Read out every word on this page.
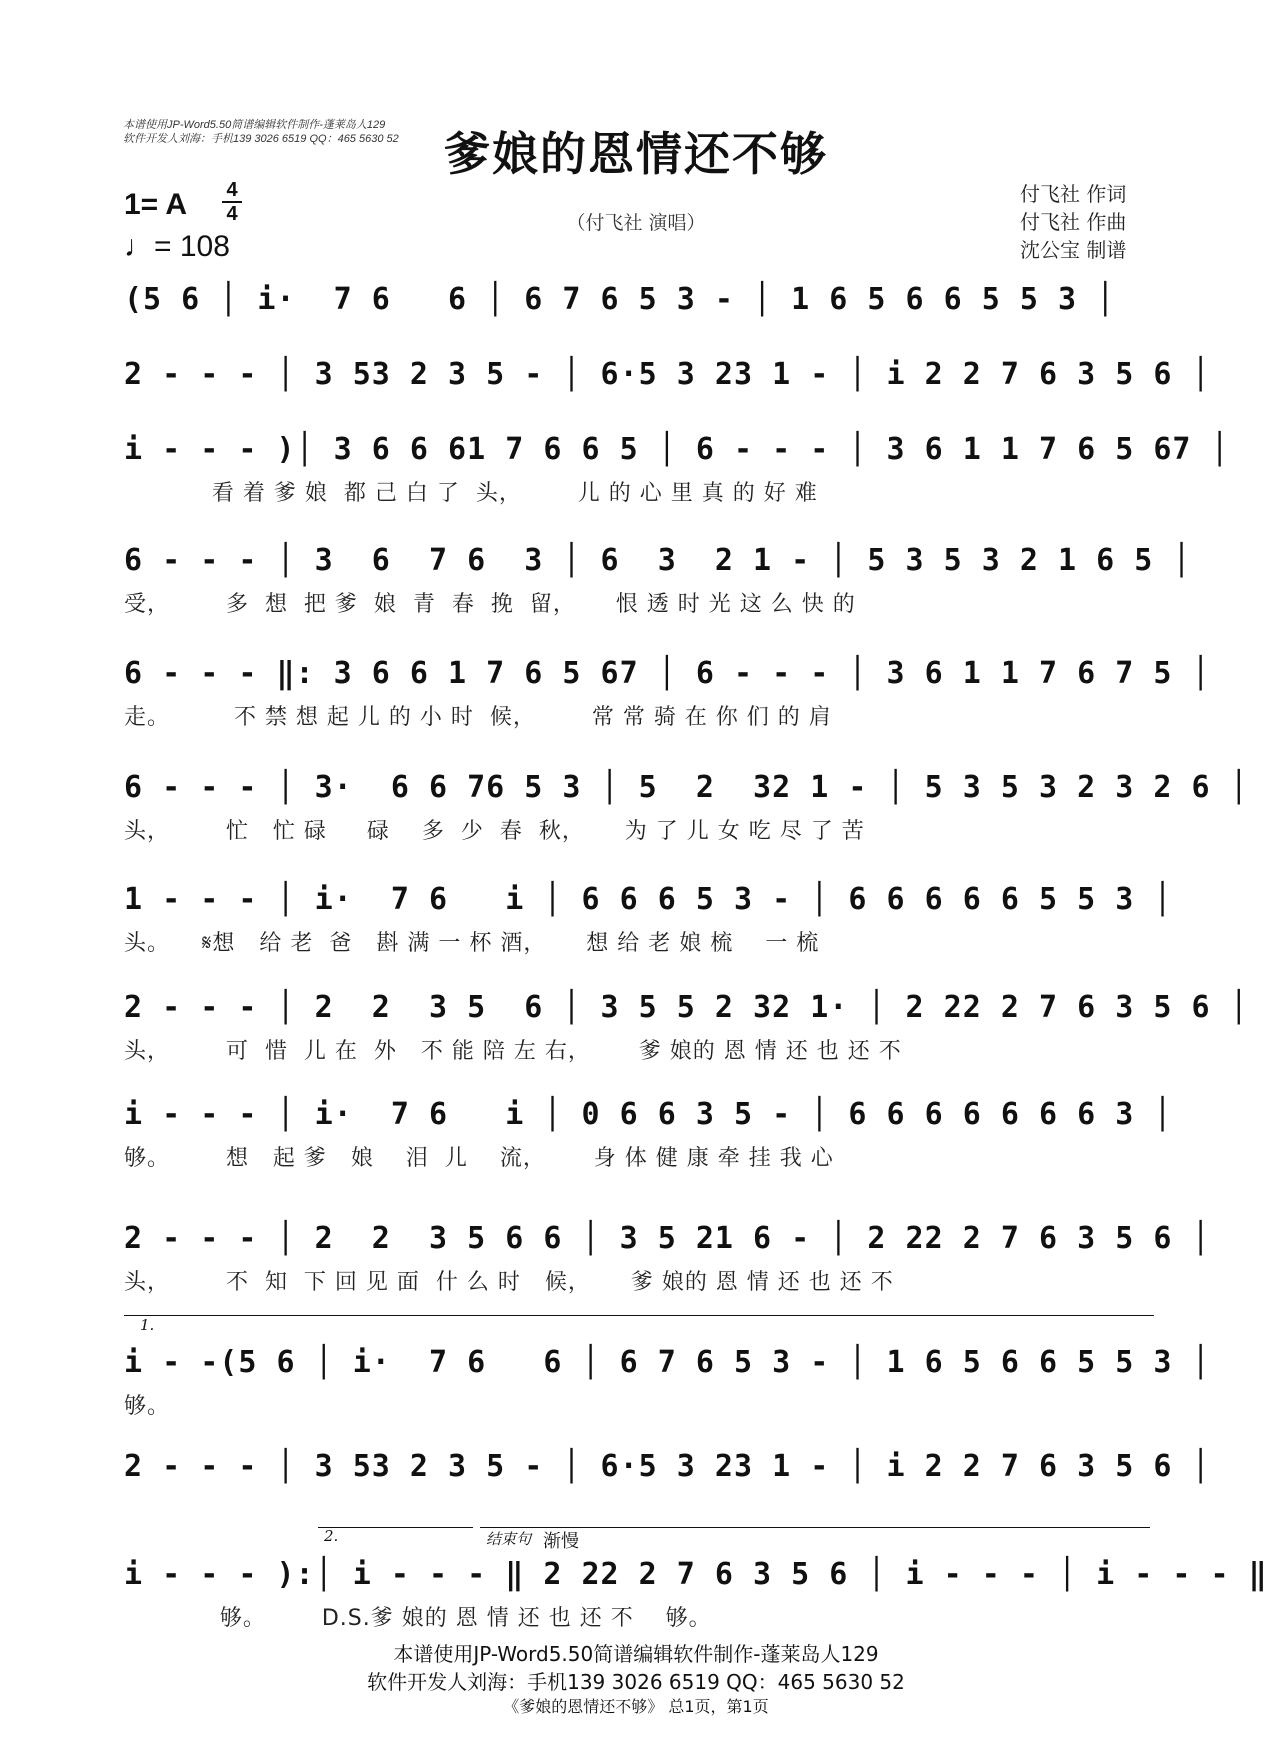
本谱使用JP-Word5.50简谱编辑软件制作-蓬莱岛人129
软件开发人刘海：手机139 3026 6519 QQ：465 5630 52 爹娘的恩情还不够
1= A 4
4
♩= 108
（付飞社 演唱）
付飞社 作词
付飞社 作曲
沈公宝 制谱
(5 6 │ i·  7 6   6 │ 6 7 6 5 3 - │ 1 6 5 6 6 5 5 3 │
2 - - - │ 3 53 2 3 5 - │ 6·5 3 23 1 - │ i 2 2 7 6 3 5 6 │
i - - - )│ 3 6 6 61 7 6 6 5 │ 6 - - - │ 3 6 1 1 7 6 5 67 │
看 着 爹 娘  都 己 白 了  头，       儿 的 心 里 真 的 好 难
6 - - - │ 3  6  7 6  3 │ 6  3  2 1 - │ 5 3 5 3 2 1 6 5 │
受，       多  想  把 爹  娘  青  春  挽  留，     恨 透 时 光 这 么 快 的
6 - - - ‖: 3 6 6 1 7 6 5 67 │ 6 - - - │ 3 6 1 1 7 6 7 5 │
走。        不 禁 想 起 儿 的 小 时  候，       常 常 骑 在 你 们 的 肩
6 - - - │ 3·  6 6 76 5 3 │ 5  2  32 1 - │ 5 3 5 3 2 3 2 6 │
头，       忙   忙 碌     碌    多  少  春  秋，     为 了 儿 女 吃 尽 了 苦
1 - - - │ i·  7 6   i │ 6 6 6 5 3 - │ 6 6 6 6 6 5 5 3 │
头。    𝄋想   给 老  爸   斟 满 一 杯 酒，     想 给 老 娘 梳    一 梳
2 - - - │ 2  2  3 5  6 │ 3 5 5 2 32 1· │ 2 22 2 7 6 3 5 6 │
头，       可  惜  儿 在  外   不 能 陪 左 右，      爹 娘的 恩 情 还 也 还 不
i - - - │ i·  7 6   i │ 0 6 6 3 5 - │ 6 6 6 6 6 6 6 3 │
够。       想   起 爹   娘    泪  儿    流，      身 体 健 康 牵 挂 我 心
2 - - - │ 2  2  3 5 6 6 │ 3 5 21 6 - │ 2 22 2 7 6 3 5 6 │
头，       不  知  下 回 见 面  什 么 时   候，     爹 娘的 恩 情 还 也 还 不
i - -(5 6 │ i·  7 6   6 │ 6 7 6 5 3 - │ 1 6 5 6 6 5 5 3 │
够。
2 - - - │ 3 53 2 3 5 - │ 6·5 3 23 1 - │ i 2 2 7 6 3 5 6 │
i - - - ):│ i - - - ‖ 2 22 2 7 6 3 5 6 │ i - - - │ i - - - ‖
够。       D.S.爹 娘的 恩 情 还 也 还 不    够。
1.
2.	结束句 渐慢
本谱使用JP-Word5.50简谱编辑软件制作-蓬莱岛人129
软件开发人刘海：手机139 3026 6519 QQ：465 5630 52
《爹娘的恩情还不够》 总1页，第1页
